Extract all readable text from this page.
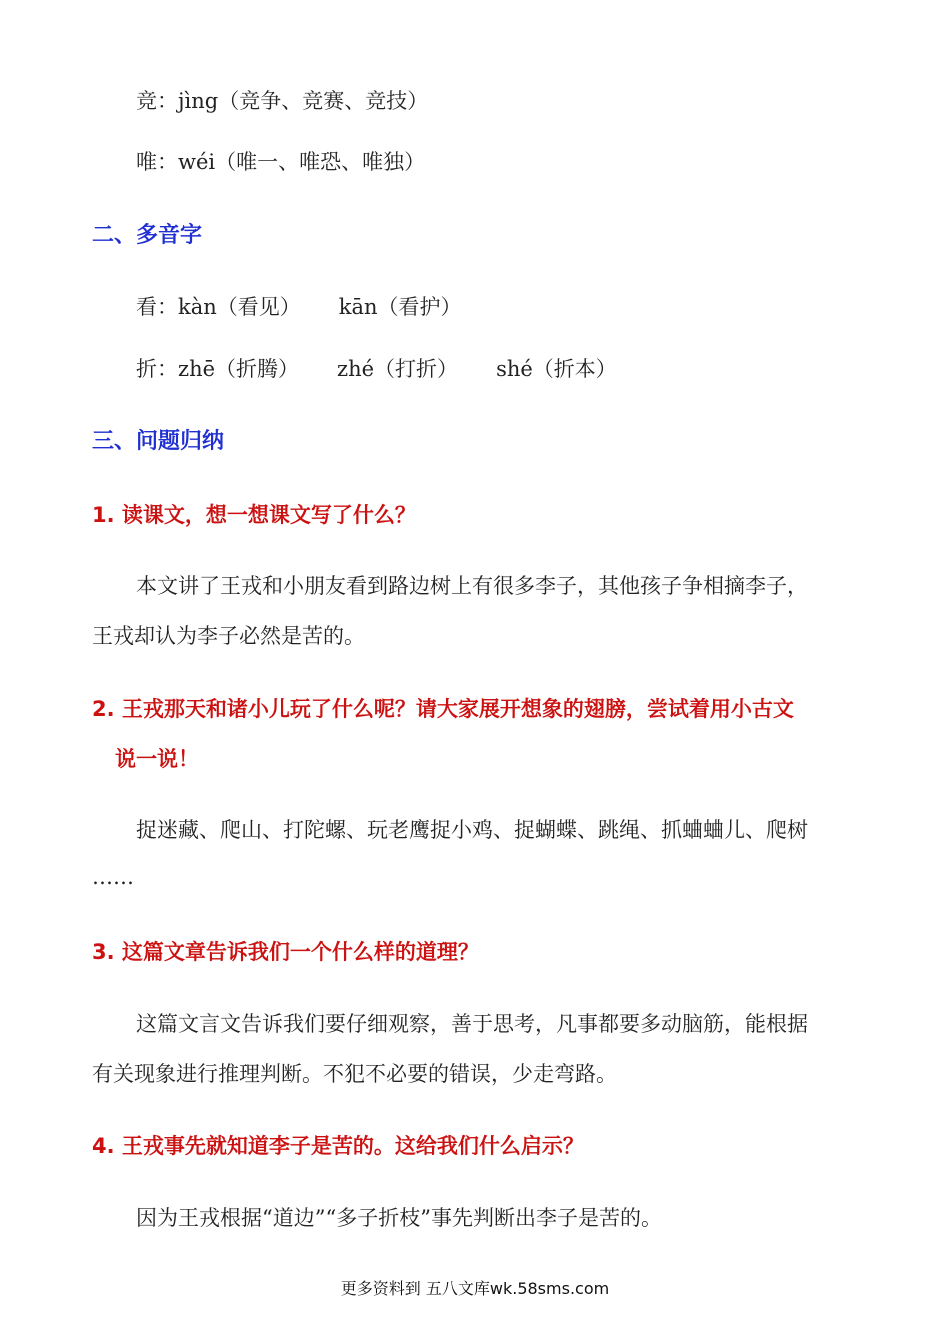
竞：jìng（竞争、竞赛、竞技）
唯：wéi（唯一、唯恐、唯独）
二、多音字
看：kàn（看见） kān（看护）
折：zhē（折腾） zhé（打折） shé（折本）
三、问题归纳
1. 读课文，想一想课文写了什么？
本文讲了王戎和小朋友看到路边树上有很多李子，其他孩子争相摘李子，
王戎却认为李子必然是苦的。
2. 王戎那天和诸小儿玩了什么呢？请大家展开想象的翅膀，尝试着用小古文
说一说！
捉迷藏、爬山、打陀螺、玩老鹰捉小鸡、捉蝴蝶、跳绳、抓蛐蛐儿、爬树
……
3. 这篇文章告诉我们一个什么样的道理？
这篇文言文告诉我们要仔细观察，善于思考，凡事都要多动脑筋，能根据
有关现象进行推理判断。不犯不必要的错误，少走弯路。
4. 王戎事先就知道李子是苦的。这给我们什么启示？
因为王戎根据“道边”“多子折枝”事先判断出李子是苦的。
更多资料到 五八文库wk.58sms.com
